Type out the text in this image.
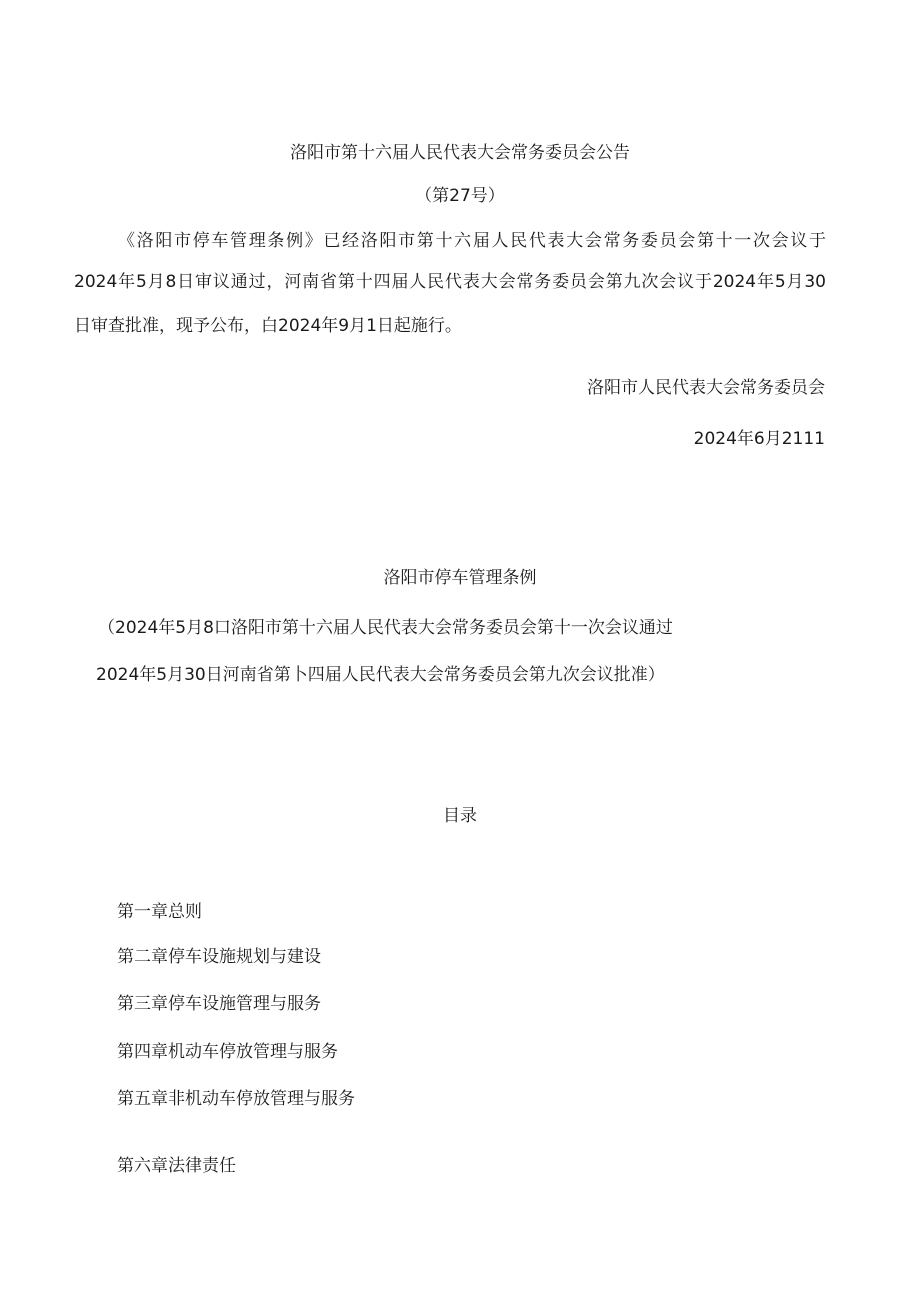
洛阳市第十六届人民代表大会常务委员会公告
（第27号）
《洛阳市停车管理条例》已经洛阳市第十六届人民代表大会常务委员会第十一次会议于
2024年5月8日审议通过，河南省第十四届人民代表大会常务委员会第九次会议于2024年5月30
日审查批准，现予公布，白2024年9月1日起施行。
洛阳市人民代表大会常务委员会
2024年6月2111
洛阳市停车管理条例
（2024年5月8口洛阳市第十六届人民代表大会常务委员会第十一次会议通过
2024年5月30日河南省第卜四届人民代表大会常务委员会第九次会议批准）
目录
第一章总则
第二章停车设施规划与建设
第三章停车设施管理与服务
第四章机动车停放管理与服务
第五章非机动车停放管理与服务
第六章法律责任
